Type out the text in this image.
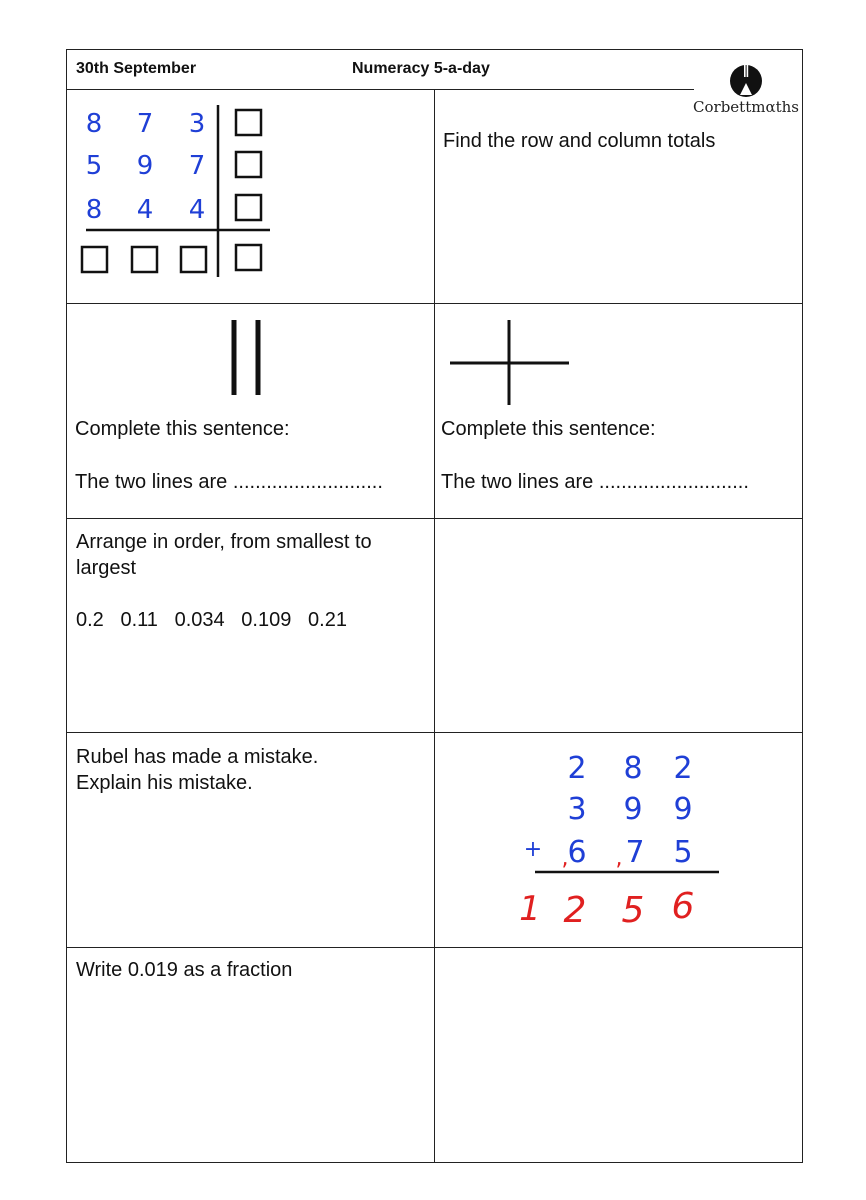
30th September	Numeracy 5-a-day
Corbettmαths
8 7 3
5 9 7
8 4 4
Find the row and column totals
Complete this sentence:
The two lines are ...........................
Complete this sentence:
The two lines are ...........................
Arrange in order, from smallest to largest
0.2   0.11   0.034   0.109   0.21
Rubel has made a mistake.
Explain his mistake.	2 8 2
3 9 9
+ 6 7 5
, ,
1 2 5 6
Write 0.019 as a fraction
